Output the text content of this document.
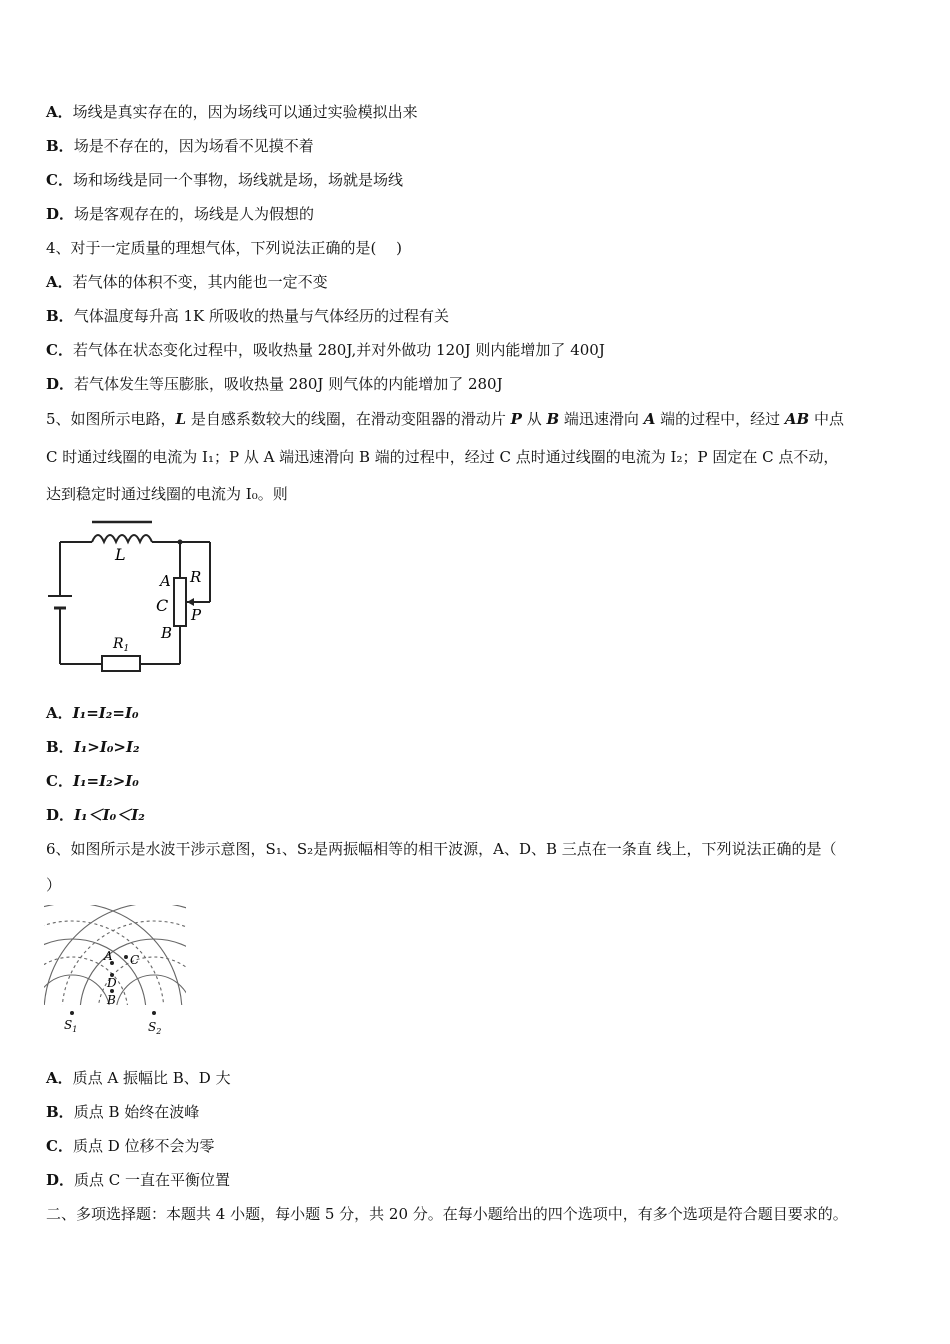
A．场线是真实存在的，因为场线可以通过实验模拟出来
B．场是不存在的，因为场看不见摸不着
C．场和场线是同一个事物，场线就是场，场就是场线
D．场是客观存在的，场线是人为假想的
4、对于一定质量的理想气体，下列说法正确的是(　 )
A．若气体的体积不变，其内能也一定不变
B．气体温度每升高 1K 所吸收的热量与气体经历的过程有关
C．若气体在状态变化过程中，吸收热量 280J,并对外做功 120J 则内能增加了 400J
D．若气体发生等压膨胀，吸收热量 280J 则气体的内能增加了 280J
5、如图所示电路，L 是自感系数较大的线圈，在滑动变阻器的滑动片 P 从 B 端迅速滑向 A 端的过程中，经过 AB 中点
C 时通过线圈的电流为 I₁；P 从 A 端迅速滑向 B 端的过程中，经过 C 点时通过线圈的电流为 I₂；P 固定在 C 点不动，
达到稳定时通过线圈的电流为 I₀。则
L
A R
C P
B
$R_1$
A．I₁=I₂=I₀
B．I₁>I₀>I₂
C．I₁=I₂>I₀
D．I₁＜I₀＜I₂
6、如图所示是水波干涉示意图，S₁、S₂是两振幅相等的相干波源，A、D、B 三点在一条直 线上，下列说法正确的是（
）
A C
D
B
$S_1$	$S_2$
A．质点 A 振幅比 B、D 大
B．质点 B 始终在波峰
C．质点 D 位移不会为零
D．质点 C 一直在平衡位置
二、多项选择题：本题共 4 小题，每小题 5 分，共 20 分。在每小题给出的四个选项中，有多个选项是符合题目要求的。
